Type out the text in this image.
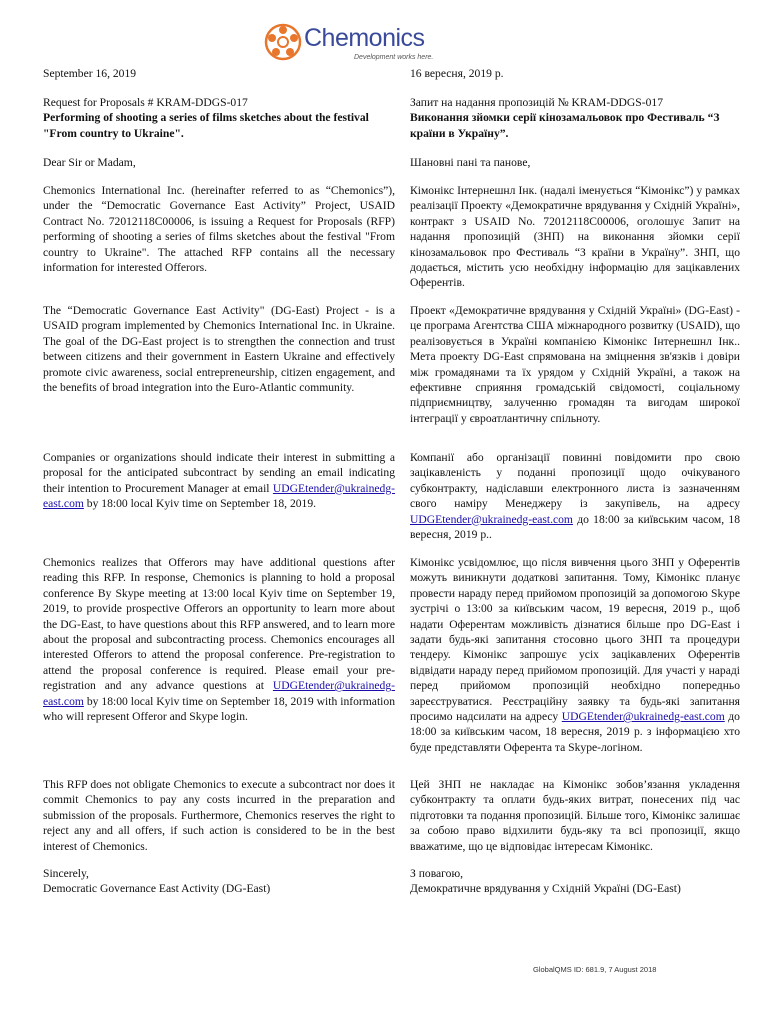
Chemonics
Development works here.
September 16, 2019	16 вересня, 2019 р.
Request for Proposals # KRAM-DDGS-017
Performing of shooting a series of films sketches about the festival "From country to Ukraine".
Запит на надання пропозицій № KRAM-DDGS-017
Виконання зйомки серії кінозамальовок про Фестиваль “З країни в Україну”.
Dear Sir or Madam,	Шановні пані та панове,
Chemonics International Inc. (hereinafter referred to as “Chemonics”), under the “Democratic Governance East Activity” Project, USAID Contract No. 72012118C00006, is issuing a Request for Proposals (RFP) performing of shooting a series of films sketches about the festival "From country to Ukraine". The attached RFP contains all the necessary information for interested Offerors.
Кімонікс Інтернешнл Інк. (надалі іменується “Кімонікс”) у рамках реалізації Проекту «Демократичне врядування у Східній Україні», контракт з USAID No. 72012118C00006, оголошує Запит на надання пропозицій (ЗНП) на виконання зйомки серії кінозамальовок про Фестиваль “З країни в Україну”. ЗНП, що додається, містить усю необхідну інформацію для зацікавлених Оферентів.
The “Democratic Governance East Activity" (DG-East) Project - is a USAID program implemented by Chemonics International Inc. in Ukraine. The goal of the DG-East project is to strengthen the connection and trust between citizens and their government in Eastern Ukraine and effectively promote civic awareness, social entrepreneurship, citizen engagement, and the benefits of broad integration into the Euro-Atlantic community.
Проект «Демократичне врядування у Східній Україні» (DG-East) - це програма Агентства США міжнародного розвитку (USAID), що реалізовується в Україні компанією Кімонікс Інтернешнл Інк.. Мета проекту DG-East спрямована на зміцнення зв'язків і довіри між громадянами та їх урядом у Східній Україні, а також на ефективне сприяння громадській свідомості, соціальному підприємництву, залученню громадян та вигодам широкої інтеграції у євроатлантичну спільноту.
Companies or organizations should indicate their interest in submitting a proposal for the anticipated subcontract by sending an email indicating their intention to Procurement Manager at email UDGEtender@ukrainedg-east.com by 18:00 local Kyiv time on September 18, 2019.
Компанії або організації повинні повідомити про свою зацікавленість у поданні пропозиції щодо очікуваного субконтракту, надіславши електронного листа із зазначенням свого наміру Менеджеру із закупівель, на адресу UDGEtender@ukrainedg-east.com до 18:00 за київським часом, 18 вересня, 2019 р..
Chemonics realizes that Offerors may have additional questions after reading this RFP. In response, Chemonics is planning to hold a proposal conference By Skype meeting at 13:00 local Kyiv time on September 19, 2019, to provide prospective Offerors an opportunity to learn more about the DG-East, to have questions about this RFP answered, and to learn more about the proposal and subcontracting process. Chemonics encourages all interested Offerors to attend the proposal conference. Pre-registration to attend the proposal conference is required. Please email your pre-registration and any advance questions at UDGEtender@ukrainedg-east.com by 18:00 local Kyiv time on September 18, 2019 with information who will represent Offeror and Skype login.
Кімонікс усвідомлює, що після вивчення цього ЗНП у Оферентів можуть виникнути додаткові запитання. Тому, Кімонікс планує провести нараду перед прийомом пропозицій за допомогою Skype зустрічі о 13:00 за київським часом, 19 вересня, 2019 р., щоб надати Оферентам можливість дізнатися більше про DG-East і задати будь-які запитання стосовно цього ЗНП та процедури тендеру. Кімонікс запрошує усіх зацікавлених Оферентів відвідати нараду перед прийомом пропозицій. Для участі у нараді перед прийомом пропозицій необхідно попередньо зареєструватися. Реєстраційну заявку та будь-які запитання просимо надсилати на адресу UDGEtender@ukrainedg-east.com до 18:00 за київським часом, 18 вересня, 2019 р. з інформацією хто буде представляти Оферента та Skype-логіном.
This RFP does not obligate Chemonics to execute a subcontract nor does it commit Chemonics to pay any costs incurred in the preparation and submission of the proposals. Furthermore, Chemonics reserves the right to reject any and all offers, if such action is considered to be in the best interest of Chemonics.
Цей ЗНП не накладає на Кімонікс зобов’язання укладення субконтракту та оплати будь-яких витрат, понесених під час підготовки та подання пропозицій. Більше того, Кімонікс залишає за собою право відхилити будь-яку та всі пропозиції, якщо вважатиме, що це відповідає інтересам Кімонікс.
Sincerely,
Democratic Governance East Activity (DG-East)
З повагою,
Демократичне врядування у Східній Україні (DG-East)
GlobalQMS ID: 681.9, 7 August 2018
